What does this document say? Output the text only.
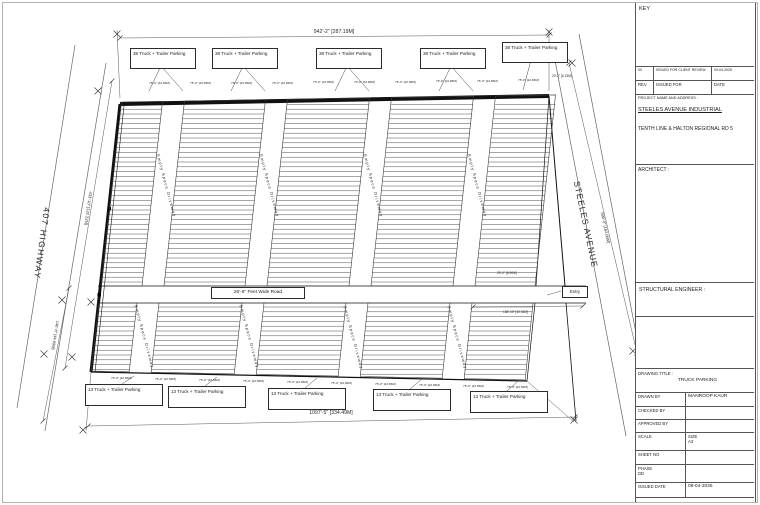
942'-2" [287.19M]
1097'-5" [334.49M]
407 HIGHWAY	STEELES AVENUE 599'-3" [182.66M]
433'-10" [132.22M]
146'-8" [44.69M]
20'-2" [6.15M]
29'-2" [8.90M]
138'-10" [42.31M]
75'-0" [22.86M]	75'-0" [22.86M]	75'-0" [22.86M]	75'-0" [22.86M]	75'-0" [22.86M]	75'-0" [22.86M]	75'-0" [22.86M]	75'-0" [22.86M]	75'-0" [22.86M]	75'-0" [22.86M]
75'-0" [22.86M]	75'-0" [22.86M]	75'-0" [22.86M]	75'-0" [22.86M]	75'-0" [22.86M]	75'-0" [22.86M]	75'-0" [22.86M]	75'-0" [22.86M]	75'-0" [22.86M]	75'-0" [22.86M]
Empty Space Driveway	Empty Space Driveway	Empty Space Driveway	Empty Space Driveway
Empty Space Driveway	Empty Space Driveway	Empty Space Driveway	Empty Space Driveway
38 Truck + Trailer Parking	38 Truck + Trailer Parking	38 Truck + Trailer Parking	38 Truck + Trailer Parking
38 Truck + Trailer Parking
13 Truck + Trailer Parking	13 Truck + Trailer Parking	13 Truck + Trailer Parking	13 Truck + Trailer Parking	13 Truck + Trailer Parking
26'-6" Feet Wide Road	Entry
KEY
00	ISSUED FOR CLIENT REVIEW	09-04-2025
REV	ISSUED FOR	DATE
PROJECT NAME AND ADDRESS :
STEELES AVENUE INDUSTRIAL
TENTH LINE & HALTON REGIONAL RD 5
ARCHITECT :
STRUCTURAL ENGINEER :
DRAWING TITLE :
TRUCK PARKING
DRAWN BY	MANROOP KAUR
CHECKED BY
APPROVED BY
SCALE	SIZE
A3
SHEET NO
PHASE
DD
ISSUED DATE	09-04-2025
